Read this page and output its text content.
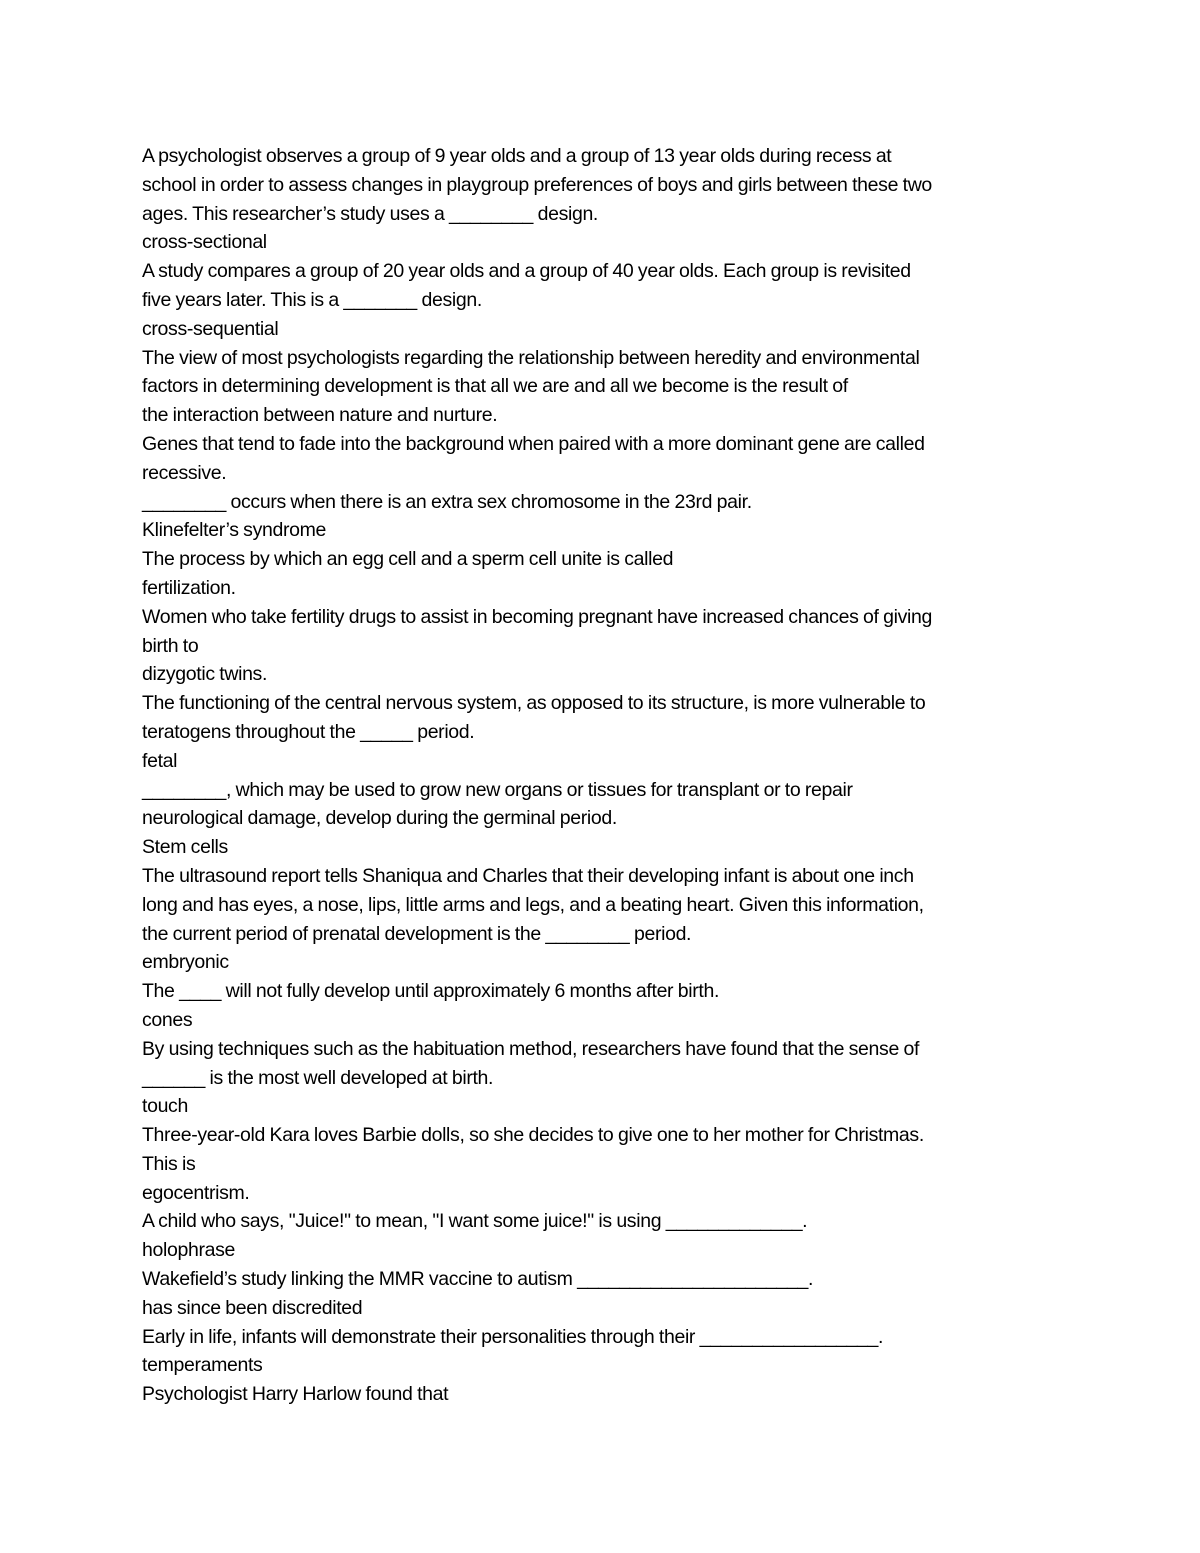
A psychologist observes a group of 9 year olds and a group of 13 year olds during recess at
school in order to assess changes in playgroup preferences of boys and girls between these two
ages. This researcher’s study uses a ________ design.
cross-sectional
A study compares a group of 20 year olds and a group of 40 year olds. Each group is revisited
five years later. This is a _______ design.
cross-sequential
The view of most psychologists regarding the relationship between heredity and environmental
factors in determining development is that all we are and all we become is the result of
the interaction between nature and nurture.
Genes that tend to fade into the background when paired with a more dominant gene are called
recessive.
________ occurs when there is an extra sex chromosome in the 23rd pair.
Klinefelter’s syndrome
The process by which an egg cell and a sperm cell unite is called
fertilization.
Women who take fertility drugs to assist in becoming pregnant have increased chances of giving
birth to
dizygotic twins.
The functioning of the central nervous system, as opposed to its structure, is more vulnerable to
teratogens throughout the _____ period.
fetal
________, which may be used to grow new organs or tissues for transplant or to repair
neurological damage, develop during the germinal period.
Stem cells
The ultrasound report tells Shaniqua and Charles that their developing infant is about one inch
long and has eyes, a nose, lips, little arms and legs, and a beating heart. Given this information,
the current period of prenatal development is the ________ period.
embryonic
The ____ will not fully develop until approximately 6 months after birth.
cones
By using techniques such as the habituation method, researchers have found that the sense of
______ is the most well developed at birth.
touch
Three-year-old Kara loves Barbie dolls, so she decides to give one to her mother for Christmas.
This is
egocentrism.
A child who says, "Juice!" to mean, "I want some juice!" is using _____________.
holophrase
Wakefield’s study linking the MMR vaccine to autism ______________________.
has since been discredited
Early in life, infants will demonstrate their personalities through their _________________.
temperaments
Psychologist Harry Harlow found that
